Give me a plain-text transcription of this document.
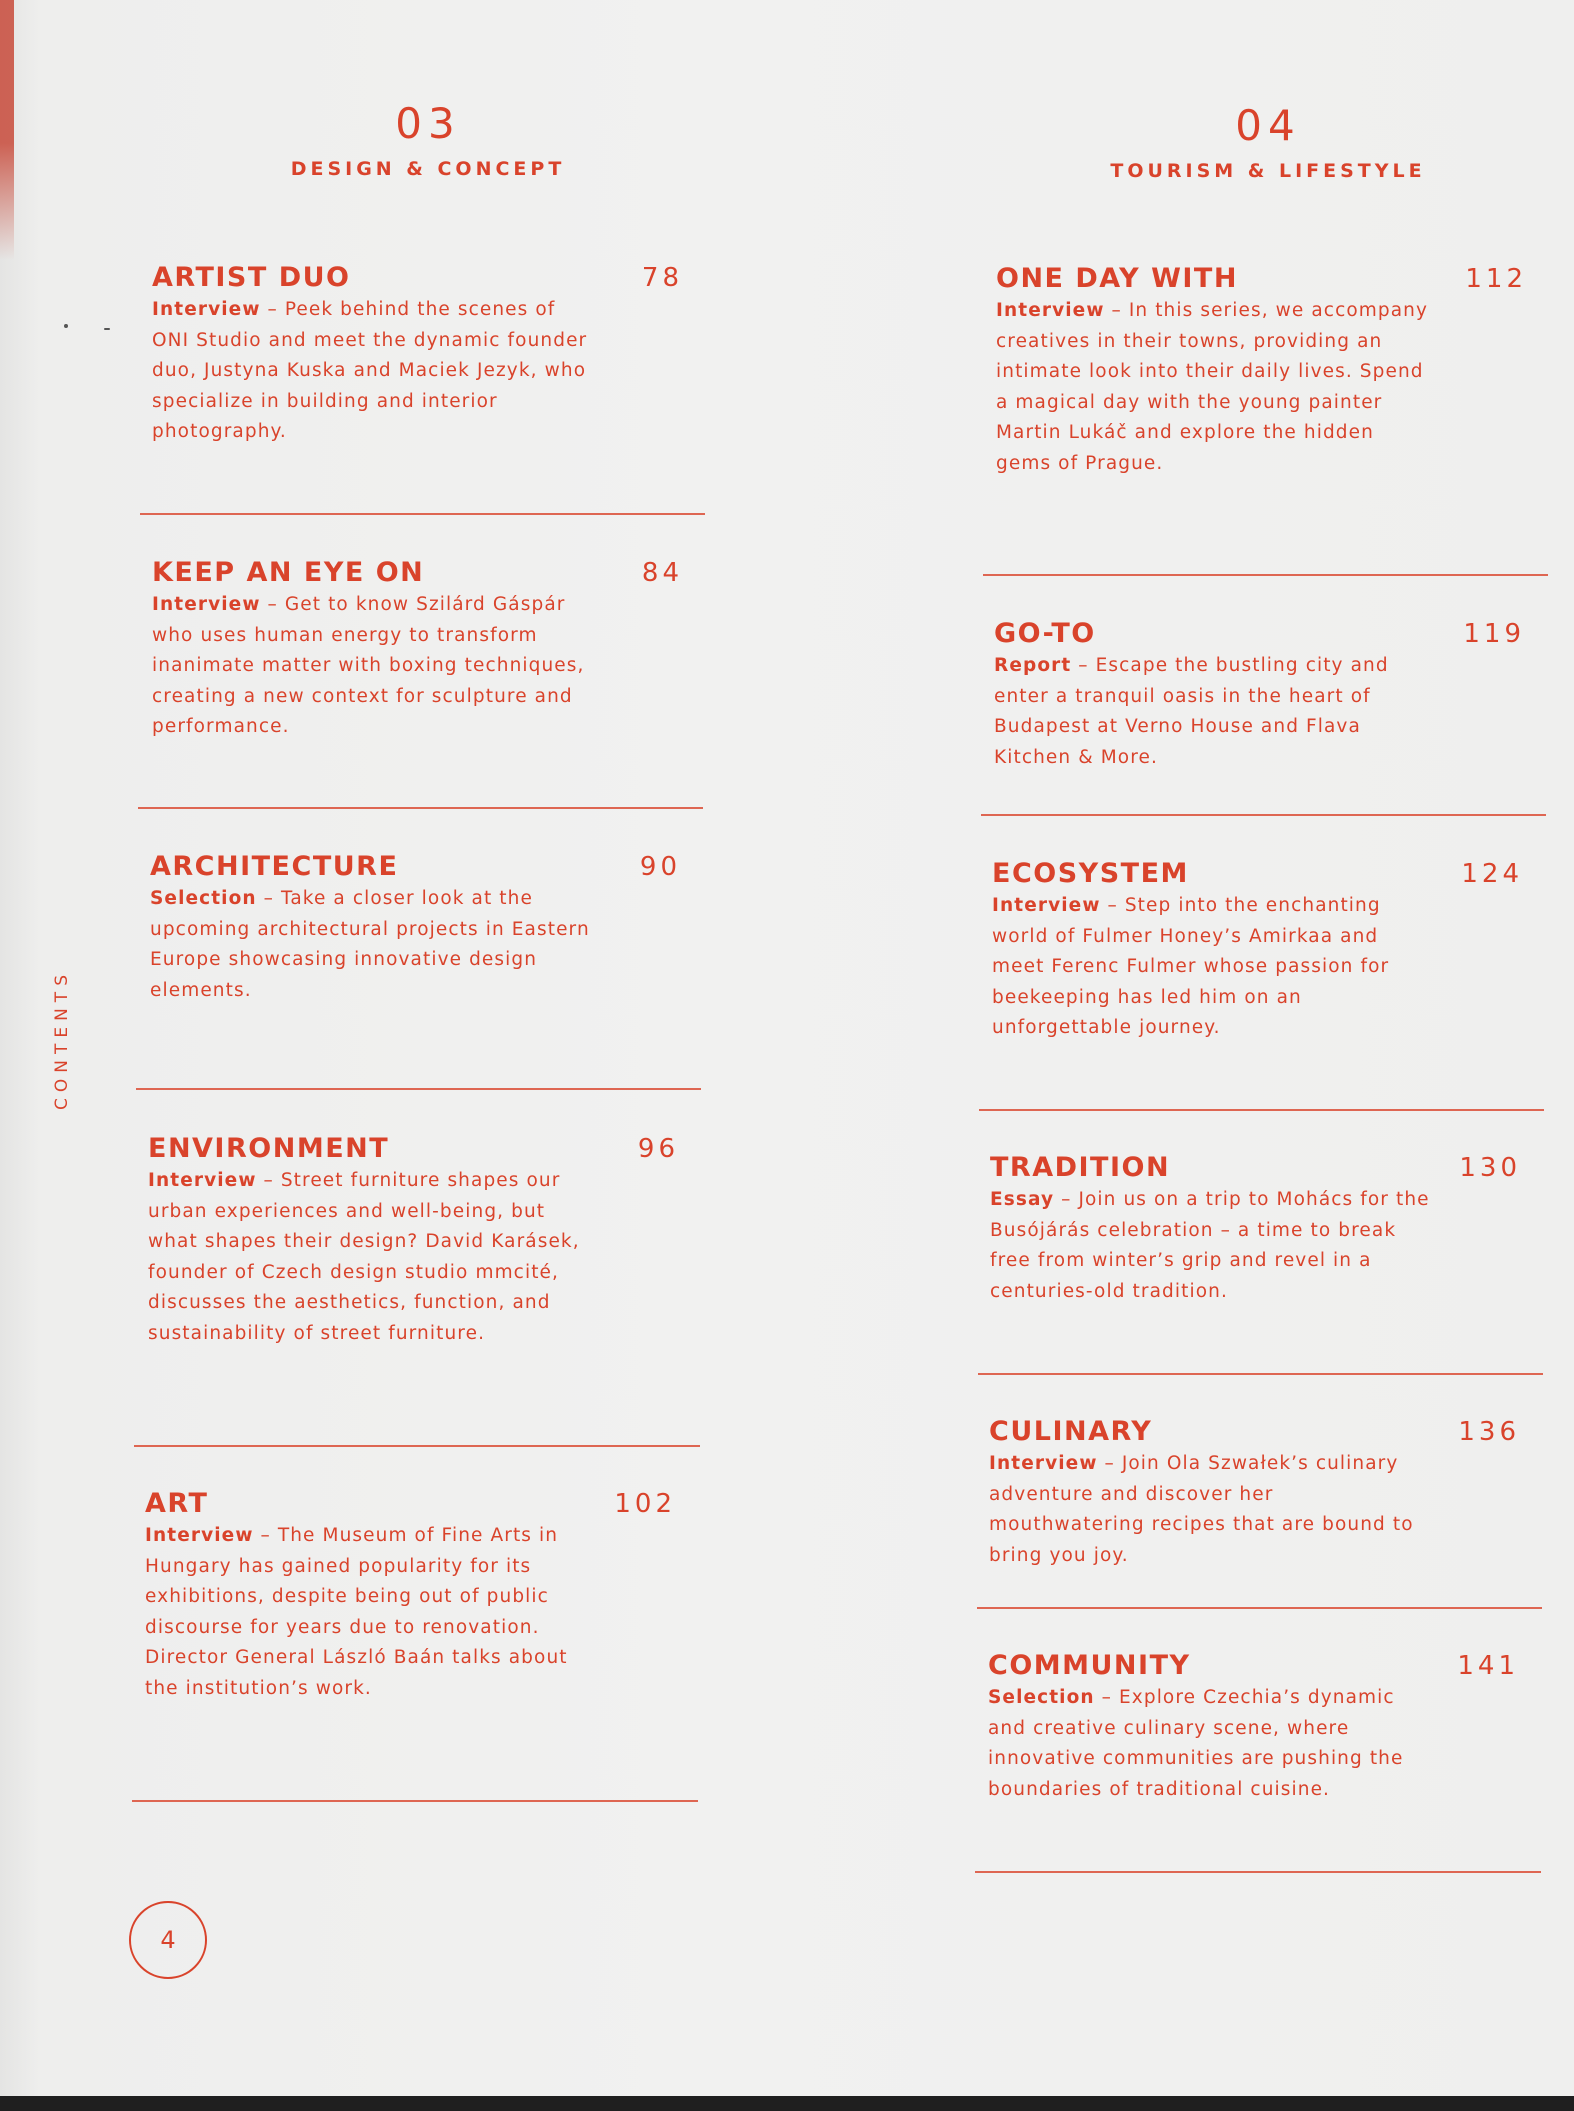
03
DESIGN & CONCEPT
04
TOURISM & LIFESTYLE
ARTIST DUO	78
Interview – Peek behind the scenes of ONI Studio and meet the dynamic founder duo, Justyna Kuska and Maciek Jezyk, who specialize in building and interior photography.
KEEP AN EYE ON	84
Interview – Get to know Szilárd Gáspár who uses human energy to transform inanimate matter with boxing techniques, creating a new context for sculpture and performance.
ARCHITECTURE	90
Selection – Take a closer look at the upcoming architectural projects in Eastern Europe showcasing innovative design elements.
ENVIRONMENT	96
Interview – Street furniture shapes our urban experiences and well-being, but what shapes their design? David Karásek, founder of Czech design studio mmcité, discusses the aesthetics, function, and sustainability of street furniture.
ART	102
Interview – The Museum of Fine Arts in Hungary has gained popularity for its exhibitions, despite being out of public discourse for years due to renovation. Director General László Baán talks about the institution’s work.
ONE DAY WITH	112
Interview – In this series, we accompany creatives in their towns, providing an intimate look into their daily lives. Spend a magical day with the young painter Martin Lukáč and explore the hidden gems of Prague.
GO-TO	119
Report – Escape the bustling city and enter a tranquil oasis in the heart of Budapest at Verno House and Flava Kitchen & More.
ECOSYSTEM	124
Interview – Step into the enchanting world of Fulmer Honey’s Amirkaa and meet Ferenc Fulmer whose passion for beekeeping has led him on an unforgettable journey.
TRADITION	130
Essay – Join us on a trip to Mohács for the Busójárás celebration – a time to break free from winter’s grip and revel in a centuries-old tradition.
CULINARY	136
Interview – Join Ola Szwałek’s culinary adventure and discover her mouthwatering recipes that are bound to bring you joy.
COMMUNITY	141
Selection – Explore Czechia’s dynamic and creative culinary scene, where innovative communities are pushing the boundaries of traditional cuisine.
CONTENTS
4
